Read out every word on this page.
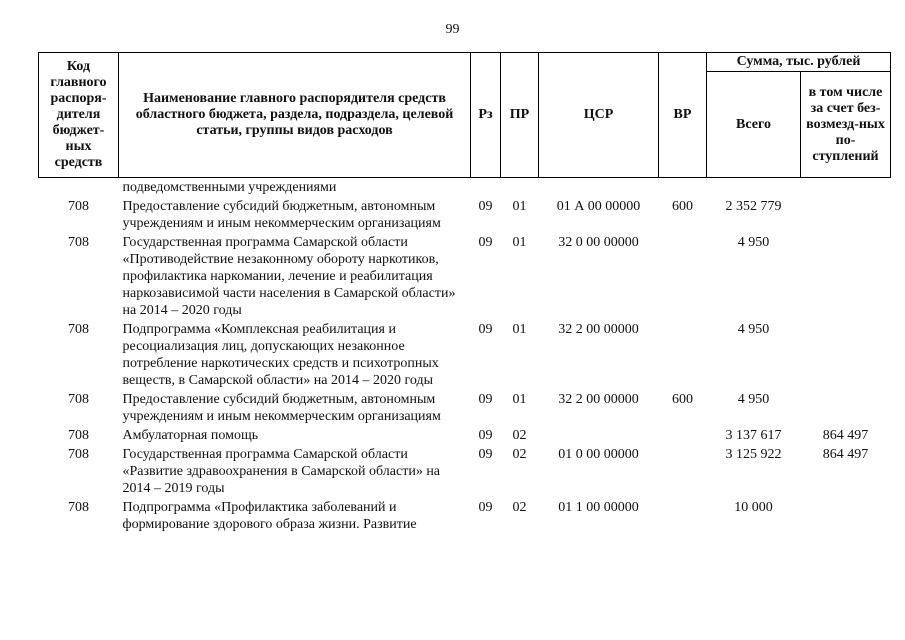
99
Код главного распоря-дителя бюджет-ных средств	Наименование главного распорядителя средств областного бюджета, раздела, подраздела, целевой статьи, группы видов расходов	Рз	ПР	ЦСР	ВР	Сумма, тыс. рублей	
						Всего	в том числе за счет без-возмезд-ных по-ступлений
	подведомственными учреждениями						
708	Предоставление субсидий бюджетным, автономным учреждениям и иным некоммерческим организациям	09	01	01 А 00 00000	600	2 352 779	
708	Государственная программа Самарской области «Противодействие незаконному обороту наркотиков, профилактика наркомании, лечение и реабилитация наркозависимой части населения в Самарской области» на 2014 – 2020 годы	09	01	32 0 00 00000		4 950	
708	Подпрограмма «Комплексная реабилитация и ресоциализация лиц, допускающих незаконное потребление наркотических средств и психотропных веществ, в Самарской области» на 2014 – 2020 годы	09	01	32 2 00 00000		4 950	
708	Предоставление субсидий бюджетным, автономным учреждениям и иным некоммерческим организациям	09	01	32 2 00 00000	600	4 950	
708	Амбулаторная помощь	09	02			3 137 617	864 497
708	Государственная программа Самарской области «Развитие здравоохранения в Самарской области» на 2014 – 2019 годы	09	02	01 0 00 00000		3 125 922	864 497
708	Подпрограмма «Профилактика заболеваний и формирование здорового образа жизни. Развитие	09	02	01 1 00 00000		10 000	
